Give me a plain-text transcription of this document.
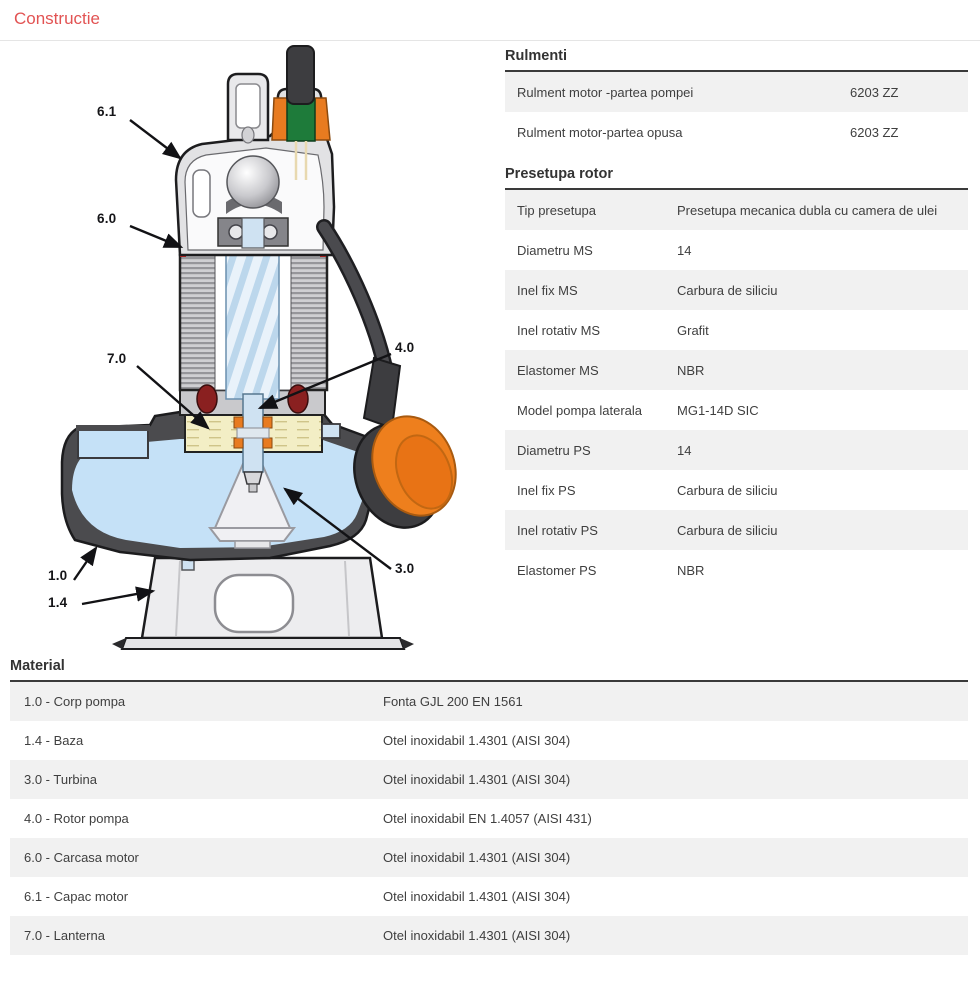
Constructie
6.1
6.0
7.0
4.0
1.0
1.4
3.0
Rulmenti
Rulment motor -partea pompei	6203 ZZ
Rulment motor-partea opusa	6203 ZZ
Presetupa rotor
Tip presetupa	Presetupa mecanica dubla cu camera de ulei
Diametru MS	14
Inel fix MS	Carbura de siliciu
Inel rotativ MS	Grafit
Elastomer MS	NBR
Model pompa laterala	MG1-14D SIC
Diametru PS	14
Inel fix PS	Carbura de siliciu
Inel rotativ PS	Carbura de siliciu
Elastomer PS	NBR
Material
1.0 - Corp pompa	Fonta GJL 200 EN 1561
1.4 - Baza	Otel inoxidabil 1.4301 (AISI 304)
3.0 - Turbina	Otel inoxidabil 1.4301 (AISI 304)
4.0 - Rotor pompa	Otel inoxidabil EN 1.4057 (AISI 431)
6.0 - Carcasa motor	Otel inoxidabil 1.4301 (AISI 304)
6.1 - Capac motor	Otel inoxidabil 1.4301 (AISI 304)
7.0 - Lanterna	Otel inoxidabil 1.4301 (AISI 304)
